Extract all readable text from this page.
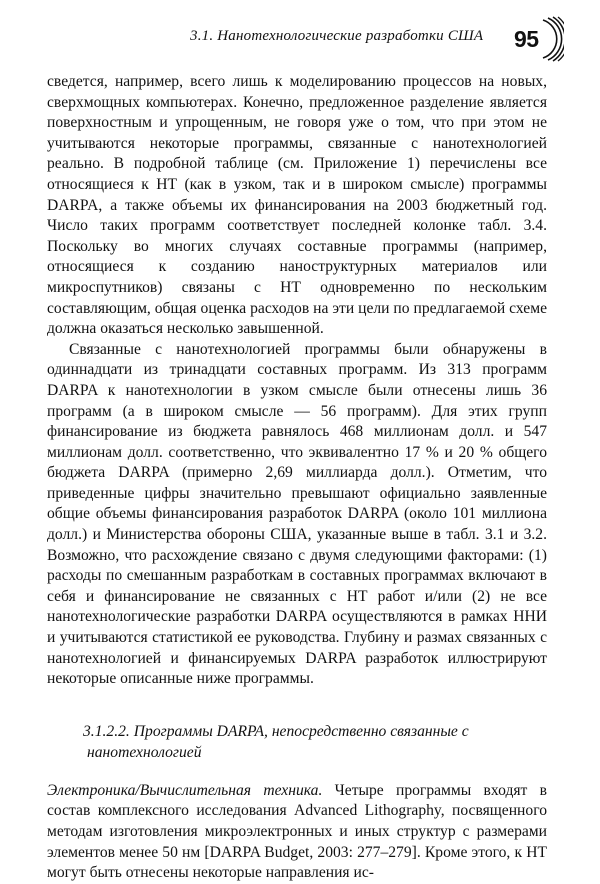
3.1. Нанотехнологические разработки США 95

сведется, например, всего лишь к моделированию процессов на новых, сверхмощных компьютерах. Конечно, предложенное разделение является поверхностным и упрощенным, не говоря уже о том, что при этом не учитываются некоторые программы, связанные с нанотехнологией реально. В подробной таблице (см. Приложение 1) перечислены все относящиеся к НТ (как в узком, так и в широком смысле) программы DARPA, а также объемы их финансирования на 2003 бюджетный год. Число таких программ соответствует последней колонке табл. 3.4. Поскольку во многих случаях составные программы (например, относящиеся к созданию наноструктурных материалов или микроспутников) связаны с НТ одновременно по нескольким составляющим, общая оценка расходов на эти цели по предлагаемой схеме должна оказаться несколько завышенной.

Связанные с нанотехнологией программы были обнаружены в одиннадцати из тринадцати составных программ. Из 313 программ DARPA к нанотехнологии в узком смысле были отнесены лишь 36 программ (а в широком смысле — 56 программ). Для этих групп финансирование из бюджета равнялось 468 миллионам долл. и 547 миллионам долл. соответственно, что эквивалентно 17 % и 20 % общего бюджета DARPA (примерно 2,69 миллиарда долл.). Отметим, что приведенные цифры значительно превышают официально заявленные общие объемы финансирования разработок DARPA (около 101 миллиона долл.) и Министерства обороны США, указанные выше в табл. 3.1 и 3.2. Возможно, что расхождение связано с двумя следующими факторами: (1) расходы по смешанным разработкам в составных программах включают в себя и финансирование не связанных с НТ работ и/или (2) не все нанотехнологические разработки DARPA осуществляются в рамках ННИ и учитываются статистикой ее руководства. Глубину и размах связанных с нанотехнологией и финансируемых DARPA разработок иллюстрируют некоторые описанные ниже программы.

3.1.2.2. Программы DARPA, непосредственно связанные с нанотехнологией

Электроника/Вычислительная техника. Четыре программы входят в состав комплексного исследования Advanced Lithography, посвященного методам изготовления микроэлектронных и иных структур с размерами элементов менее 50 нм [DARPA Budget, 2003: 277–279]. Кроме этого, к НТ могут быть отнесены некоторые направления ис-
